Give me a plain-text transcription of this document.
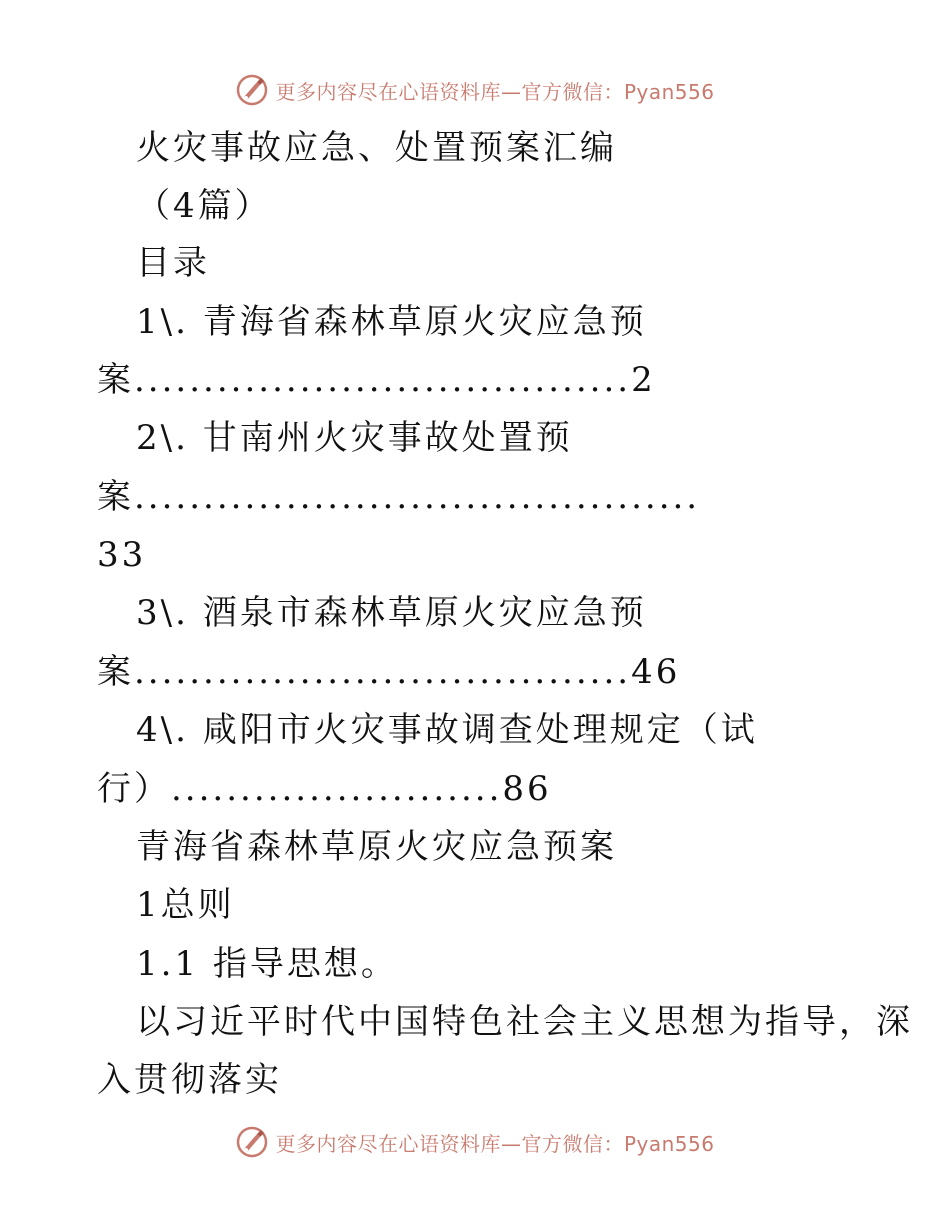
更多内容尽在心语资料库—官方微信：Pyan556
火灾事故应急、处置预案汇编
（4篇）
目录
1\. 青海省森林草原火灾应急预
案....................................2
2\. 甘南州火灾事故处置预
案.........................................
33
3\. 酒泉市森林草原火灾应急预
案....................................46
4\. 咸阳市火灾事故调查处理规定（试
行）........................86
青海省森林草原火灾应急预案
1总则
1.1 指导思想。
以习近平时代中国特色社会主义思想为指导，深
入贯彻落实
更多内容尽在心语资料库—官方微信：Pyan556
